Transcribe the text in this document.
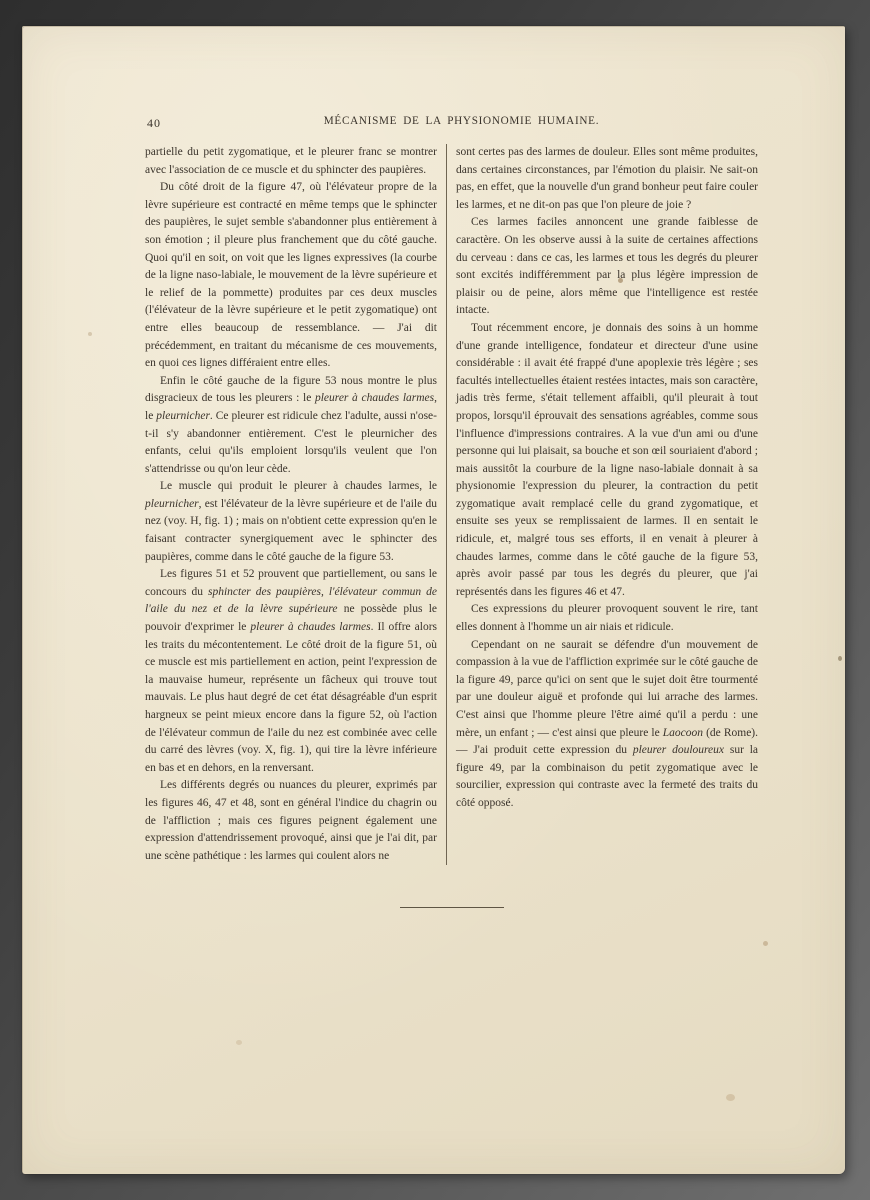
40	MÉCANISME DE LA PHYSIONOMIE HUMAINE.

partielle du petit zygomatique, et le pleurer franc se montrer avec l'association de ce muscle et du sphincter des paupières.

Du côté droit de la figure 47, où l'élévateur propre de la lèvre supérieure est contracté en même temps que le sphincter des paupières, le sujet semble s'abandonner plus entièrement à son émotion ; il pleure plus franchement que du côté gauche. Quoi qu'il en soit, on voit que les lignes expressives (la courbe de la ligne naso-labiale, le mouvement de la lèvre supérieure et le relief de la pommette) produites par ces deux muscles (l'élévateur de la lèvre supérieure et le petit zygomatique) ont entre elles beaucoup de ressemblance. — J'ai dit précédemment, en traitant du mécanisme de ces mouvements, en quoi ces lignes différaient entre elles.

Enfin le côté gauche de la figure 53 nous montre le plus disgracieux de tous les pleurers : le pleurer à chaudes larmes, le pleurnicher. Ce pleurer est ridicule chez l'adulte, aussi n'ose-t-il s'y abandonner entièrement. C'est le pleurnicher des enfants, celui qu'ils emploient lorsqu'ils veulent que l'on s'attendrisse ou qu'on leur cède.

Le muscle qui produit le pleurer à chaudes larmes, le pleurnicher, est l'élévateur de la lèvre supérieure et de l'aile du nez (voy. H, fig. 1) ; mais on n'obtient cette expression qu'en le faisant contracter synergiquement avec le sphincter des paupières, comme dans le côté gauche de la figure 53.

Les figures 51 et 52 prouvent que partiellement, ou sans le concours du sphincter des paupières, l'élévateur commun de l'aile du nez et de la lèvre supérieure ne possède plus le pouvoir d'exprimer le pleurer à chaudes larmes. Il offre alors les traits du mécontentement. Le côté droit de la figure 51, où ce muscle est mis partiellement en action, peint l'expression de la mauvaise humeur, représente un fâcheux qui trouve tout mauvais. Le plus haut degré de cet état désagréable d'un esprit hargneux se peint mieux encore dans la figure 52, où l'action de l'élévateur commun de l'aile du nez est combinée avec celle du carré des lèvres (voy. X, fig. 1), qui tire la lèvre inférieure en bas et en dehors, en la renversant.

Les différents degrés ou nuances du pleurer, exprimés par les figures 46, 47 et 48, sont en général l'indice du chagrin ou de l'affliction ; mais ces figures peignent également une expression d'attendrissement provoqué, ainsi que je l'ai dit, par une scène pathétique : les larmes qui coulent alors ne

sont certes pas des larmes de douleur. Elles sont même produites, dans certaines circonstances, par l'émotion du plaisir. Ne sait-on pas, en effet, que la nouvelle d'un grand bonheur peut faire couler les larmes, et ne dit-on pas que l'on pleure de joie ?

Ces larmes faciles annoncent une grande faiblesse de caractère. On les observe aussi à la suite de certaines affections du cerveau : dans ce cas, les larmes et tous les degrés du pleurer sont excités indifféremment par la plus légère impression de plaisir ou de peine, alors même que l'intelligence est restée intacte.

Tout récemment encore, je donnais des soins à un homme d'une grande intelligence, fondateur et directeur d'une usine considérable : il avait été frappé d'une apoplexie très légère ; ses facultés intellectuelles étaient restées intactes, mais son caractère, jadis très ferme, s'était tellement affaibli, qu'il pleurait à tout propos, lorsqu'il éprouvait des sensations agréables, comme sous l'influence d'impressions contraires. A la vue d'un ami ou d'une personne qui lui plaisait, sa bouche et son œil souriaient d'abord ; mais aussitôt la courbure de la ligne naso-labiale donnait à sa physionomie l'expression du pleurer, la contraction du petit zygomatique avait remplacé celle du grand zygomatique, et ensuite ses yeux se remplissaient de larmes. Il en sentait le ridicule, et, malgré tous ses efforts, il en venait à pleurer à chaudes larmes, comme dans le côté gauche de la figure 53, après avoir passé par tous les degrés du pleurer, que j'ai représentés dans les figures 46 et 47.

Ces expressions du pleurer provoquent souvent le rire, tant elles donnent à l'homme un air niais et ridicule.

Cependant on ne saurait se défendre d'un mouvement de compassion à la vue de l'affliction exprimée sur le côté gauche de la figure 49, parce qu'ici on sent que le sujet doit être tourmenté par une douleur aiguë et profonde qui lui arrache des larmes. C'est ainsi que l'homme pleure l'être aimé qu'il a perdu : une mère, un enfant ; — c'est ainsi que pleure le Laocoon (de Rome). — J'ai produit cette expression du pleurer douloureux sur la figure 49, par la combinaison du petit zygomatique avec le sourcilier, expression qui contraste avec la fermeté des traits du côté opposé.
